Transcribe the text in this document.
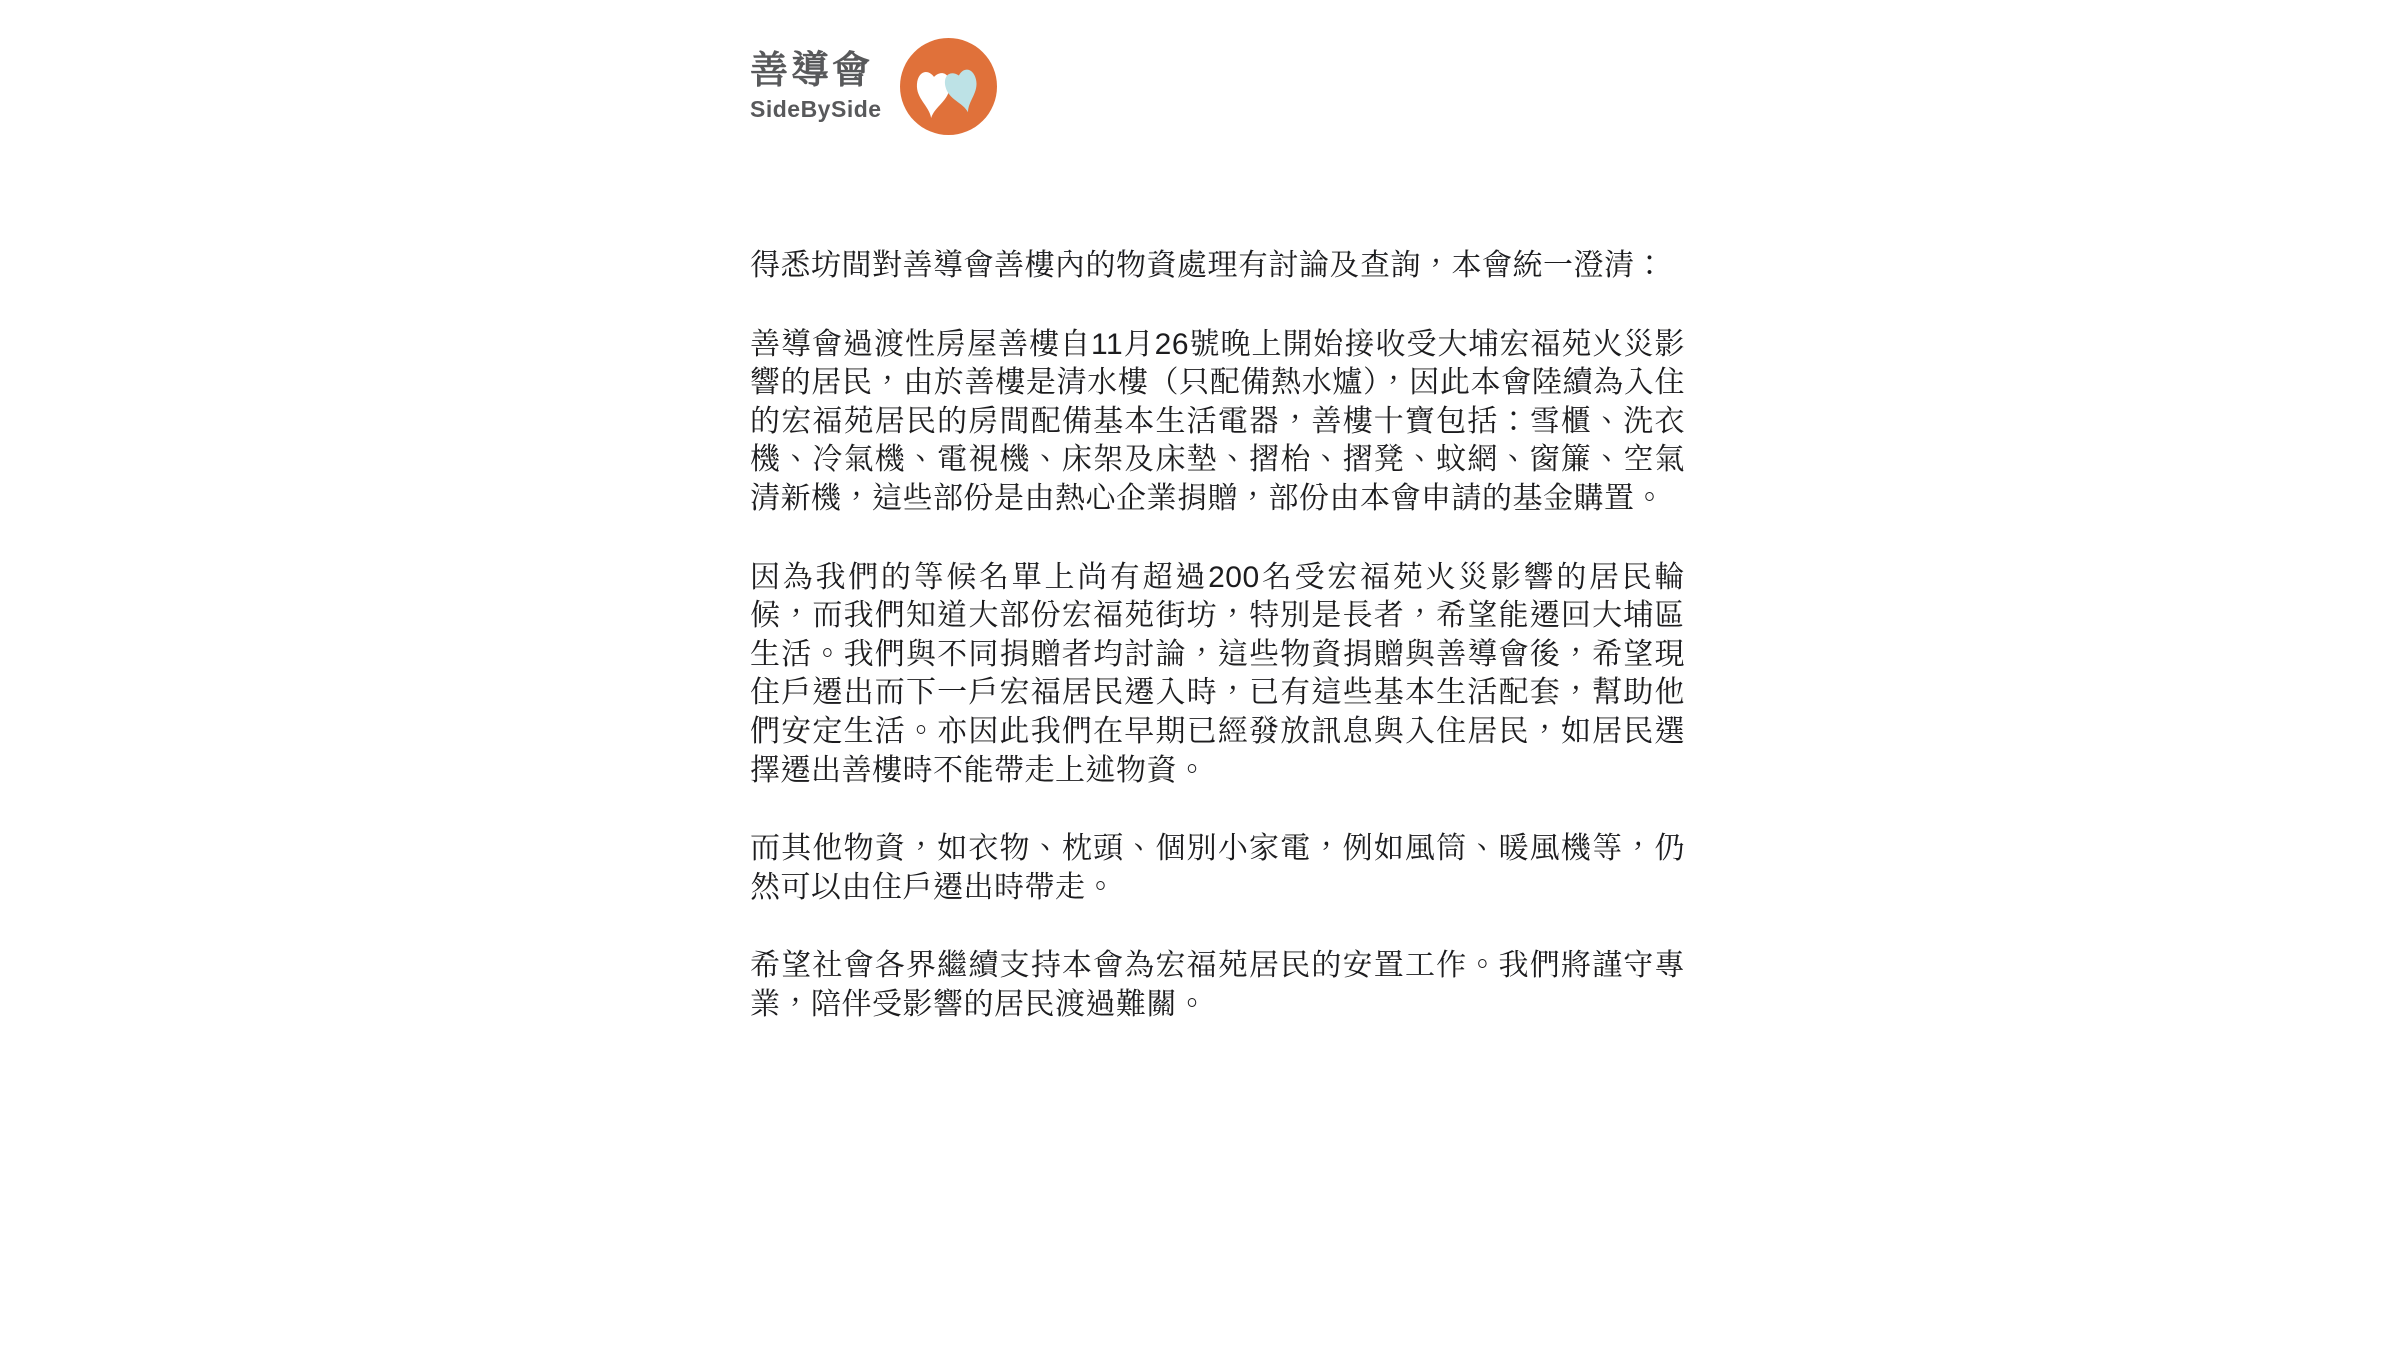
善導會
SideBySide

得悉坊間對善導會善樓內的物資處理有討論及查詢，本會統一澄清：

善導會過渡性房屋善樓自11月26號晚上開始接收受大埔宏福苑火災影響的居民，由於善樓是清水樓（只配備熱水爐），因此本會陸續為入住的宏福苑居民的房間配備基本生活電器，善樓十寶包括：雪櫃、洗衣機、冷氣機、電視機、床架及床墊、摺枱、摺凳、蚊網、窗簾、空氣清新機，這些部份是由熱心企業捐贈，部份由本會申請的基金購置。

因為我們的等候名單上尚有超過200名受宏福苑火災影響的居民輪候，而我們知道大部份宏福苑街坊，特別是長者，希望能遷回大埔區生活。我們與不同捐贈者均討論，這些物資捐贈與善導會後，希望現住戶遷出而下一戶宏福居民遷入時，已有這些基本生活配套，幫助他們安定生活。亦因此我們在早期已經發放訊息與入住居民，如居民選擇遷出善樓時不能帶走上述物資。

而其他物資，如衣物、枕頭、個別小家電，例如風筒、暖風機等，仍然可以由住戶遷出時帶走。

希望社會各界繼續支持本會為宏福苑居民的安置工作。我們將謹守專業，陪伴受影響的居民渡過難關。
